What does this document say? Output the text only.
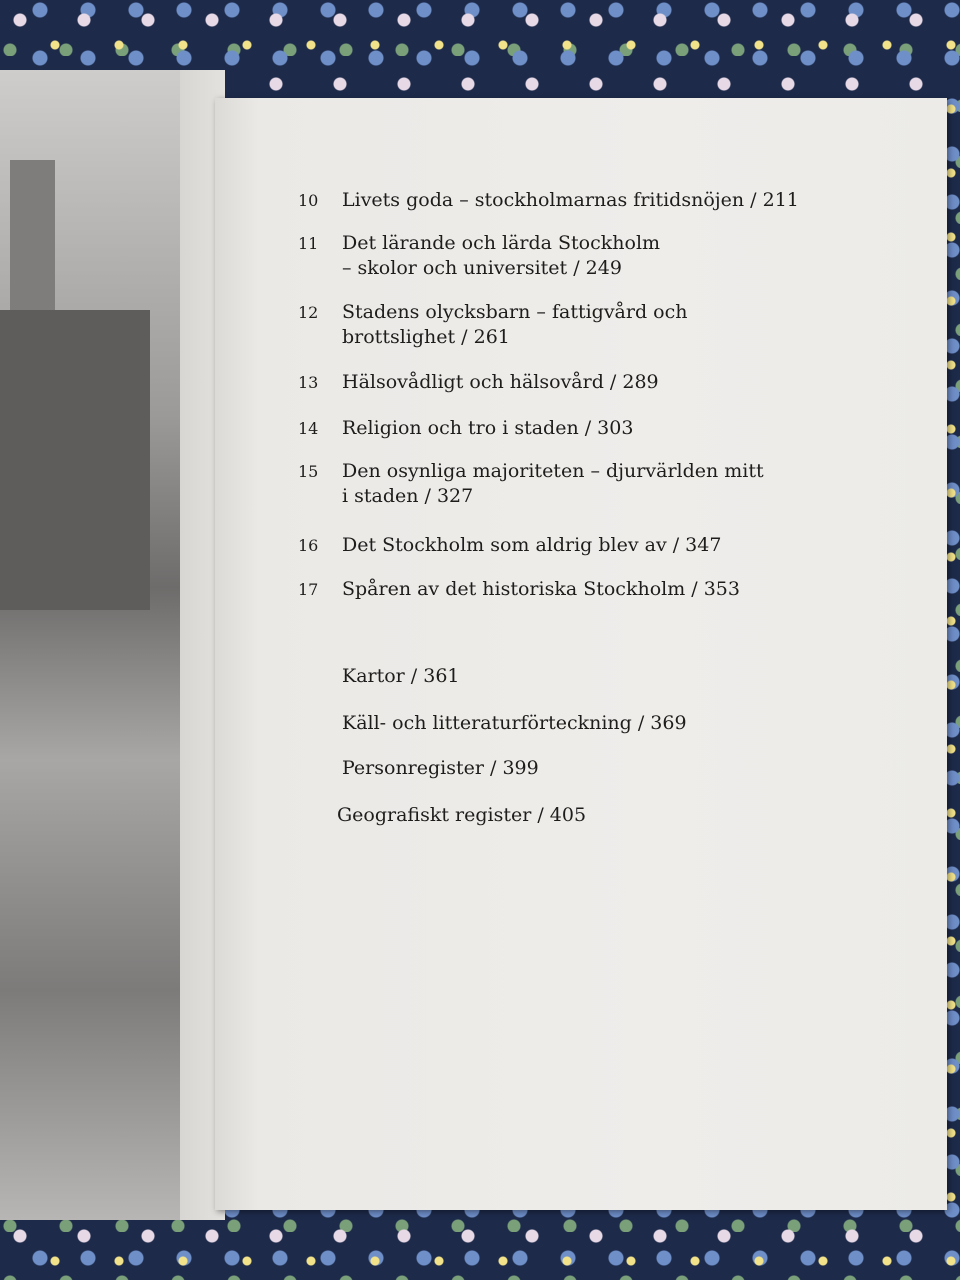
10	Livets goda – stockholmarnas fritidsnöjen / 211
11	Det lärande och lärda Stockholm
– skolor och universitet / 249
12	Stadens olycksbarn – fattigvård och
brottslighet / 261
13	Hälsovådligt och hälsovård / 289
14	Religion och tro i staden / 303
15	Den osynliga majoriteten – djurvärlden mitt
i staden / 327
16	Det Stockholm som aldrig blev av / 347
17	Spåren av det historiska Stockholm / 353
Kartor / 361
Käll- och litteraturförteckning / 369
Personregister / 399
Geografiskt register / 405
